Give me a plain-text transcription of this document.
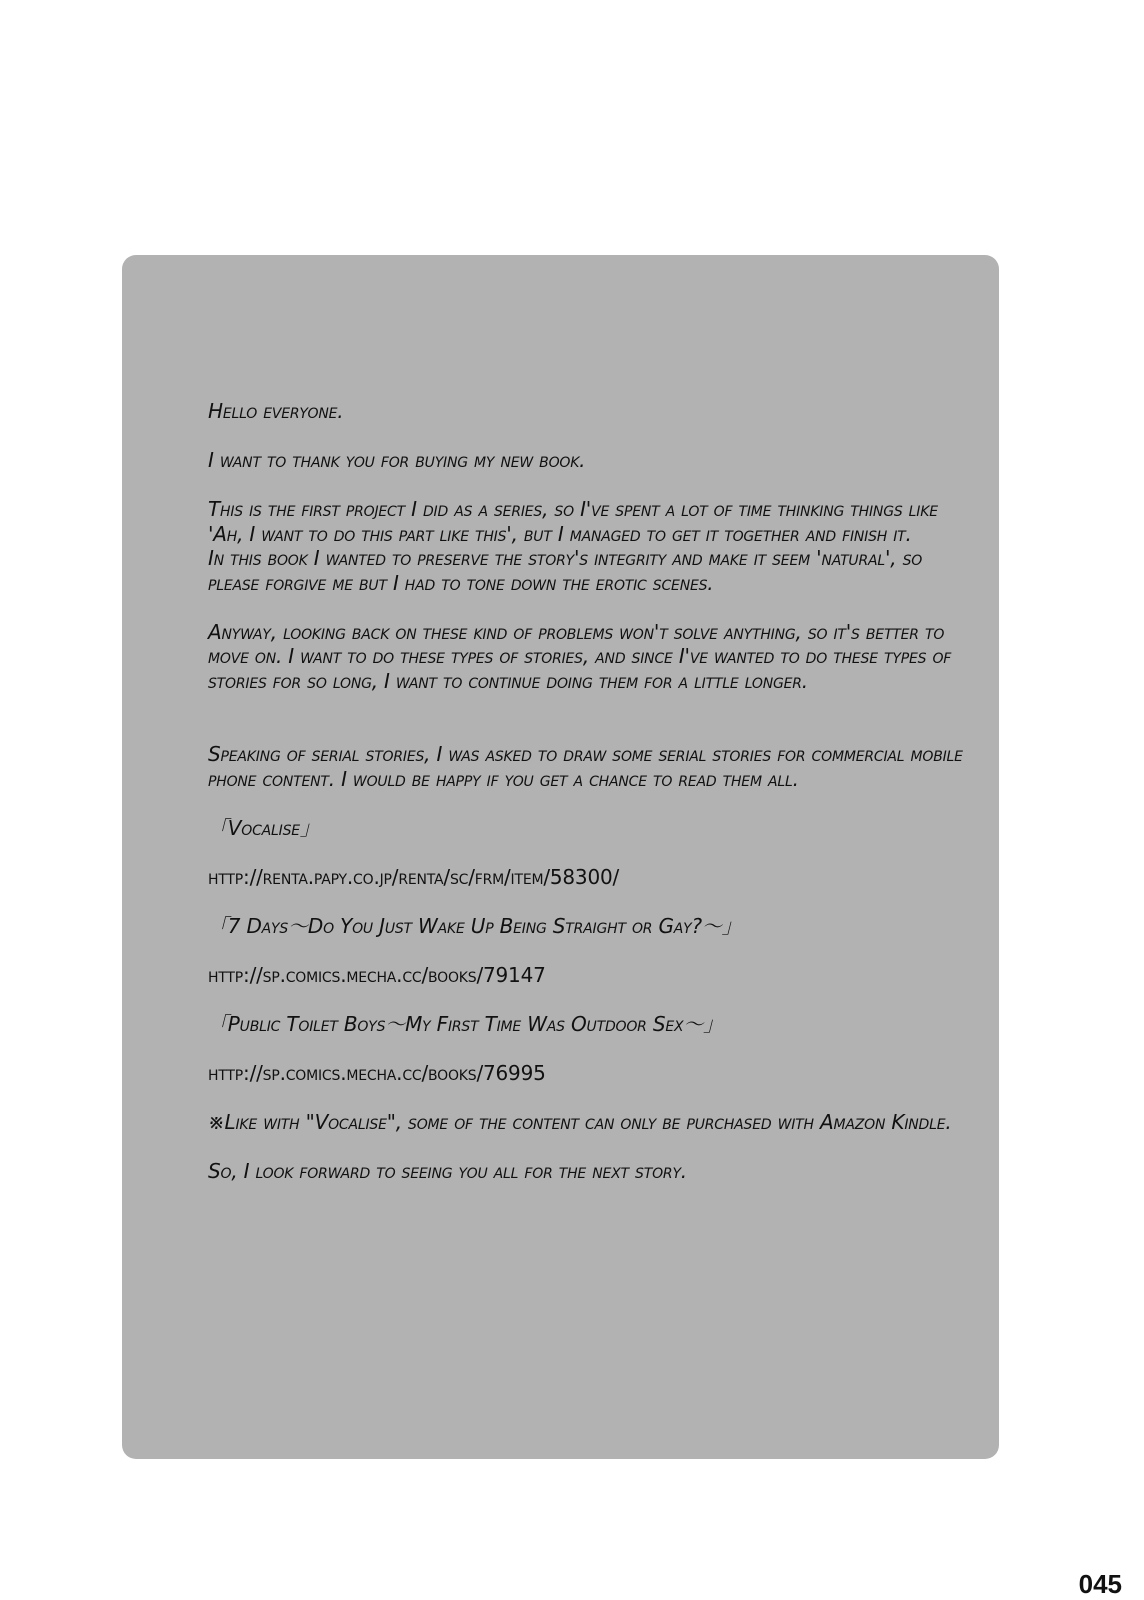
Hello everyone.

I want to thank you for buying my new book.

This is the first project I did as a series, so I've spent a lot of time thinking things like 'Ah, I want to do this part like this', but I managed to get it together and finish it.
In this book I wanted to preserve the story's integrity and make it seem 'natural', so please forgive me but I had to tone down the erotic scenes.

Anyway, looking back on these kind of problems won't solve anything, so it's better to move on. I want to do these types of stories, and since I've wanted to do these types of stories for so long, I want to continue doing them for a little longer.

Speaking of serial stories, I was asked to draw some serial stories for commercial mobile phone content. I would be happy if you get a chance to read them all.

「Vocalise」

http://renta.papy.co.jp/renta/sc/frm/item/58300/

「7 Days～Do You Just Wake Up Being Straight or Gay?～」

http://sp.comics.mecha.cc/books/79147

「Public Toilet Boys～My First Time Was Outdoor Sex～」

http://sp.comics.mecha.cc/books/76995

※Like with "Vocalise", some of the content can only be purchased with Amazon Kindle.

So, I look forward to seeing you all for the next story.

045
